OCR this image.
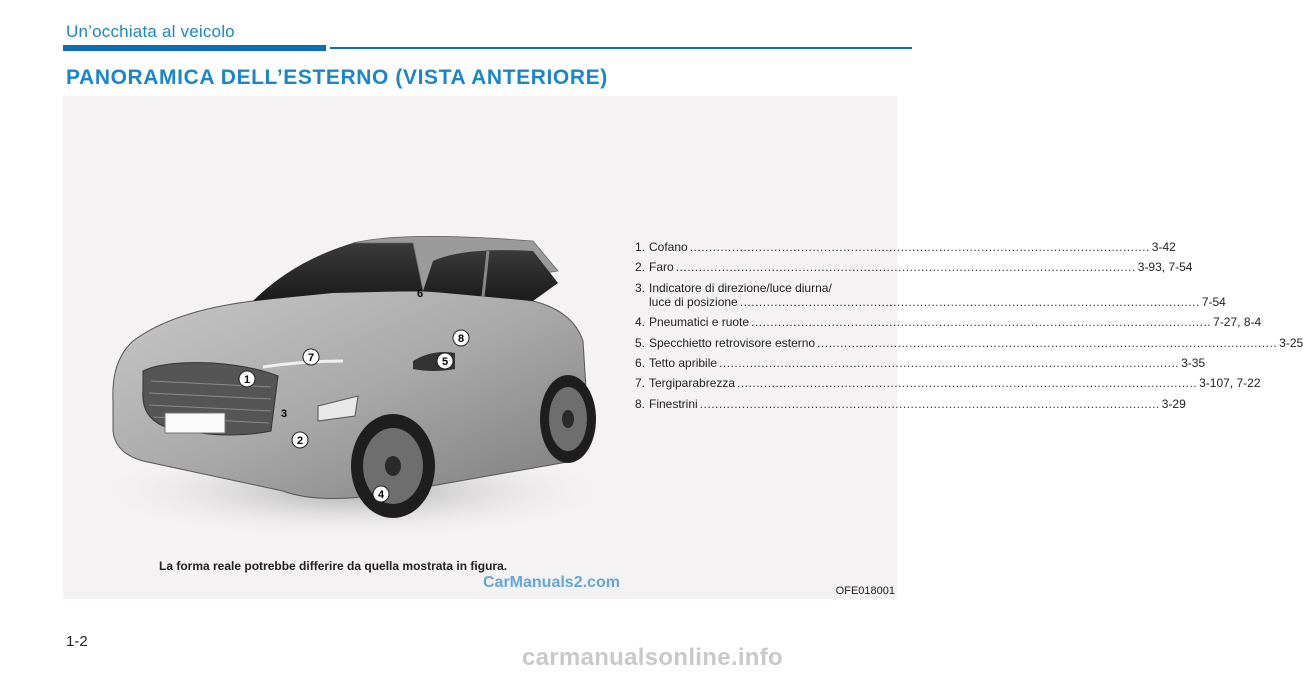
Un’occhiata al veicolo
PANORAMICA DELL’ESTERNO (VISTA ANTERIORE)
1
2
3
4
5
6
7
8
1. Cofano ........................................................................................................................ 3-42
2. Faro ........................................................................................................................ 3-93, 7-54
3. Indicatore di direzione/luce diurna/
luce di posizione ........................................................................................................................ 7-54
4. Pneumatici e ruote ........................................................................................................................ 7-27, 8-4
5. Specchietto retrovisore esterno ........................................................................................................................ 3-25
6. Tetto apribile ........................................................................................................................ 3-35
7. Tergiparabrezza ........................................................................................................................ 3-107, 7-22
8. Finestrini ........................................................................................................................ 3-29
La forma reale potrebbe differire da quella mostrata in figura.
OFE018001
CarManuals2.com
1-2
carmanualsonline.info
